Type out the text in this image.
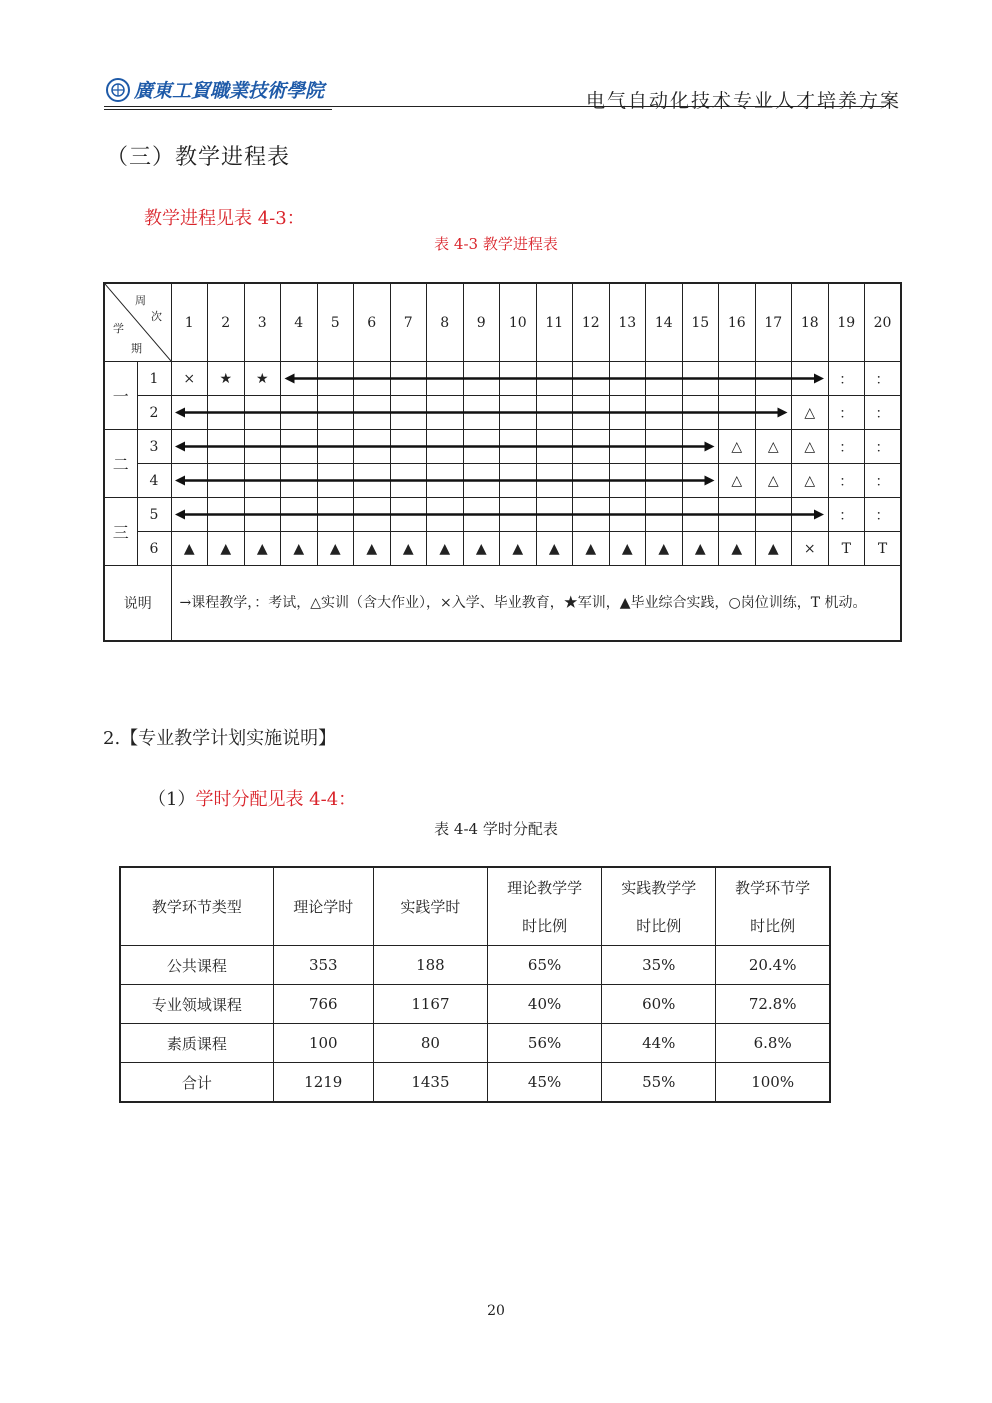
廣東工貿職業技術學院	电气自动化技术专业人才培养方案
（三）教学进程表
教学进程见表 4-3：
表 4-3 教学进程表
周
次
学
期		1	2	3	4	5	6	7	8	9	10	11	12	13	14	15	16	17	18	19	20
一	1	×	★	★																：	：
	2																		△	：	：
二	3																△	△	△	：	：
	4																△	△	△	：	：
三	5																			：	：
	6	▲	▲	▲	▲	▲	▲	▲	▲	▲	▲	▲	▲	▲	▲	▲	▲	▲	×	T	T
说明		→课程教学，：考试，△实训（含大作业），×入学、毕业教育，★军训，▲毕业综合实践，○岗位训练，T 机动。																			
2.【专业教学计划实施说明】
（1）学时分配见表 4-4：
表 4-4 学时分配表
教学环节类型	理论学时	实践学时	理论教学学时比例	实践教学学时比例	教学环节学时比例
公共课程	353	188	65%	35%	20.4%
专业领域课程	766	1167	40%	60%	72.8%
素质课程	100	80	56%	44%	6.8%
合计	1219	1435	45%	55%	100%
20
